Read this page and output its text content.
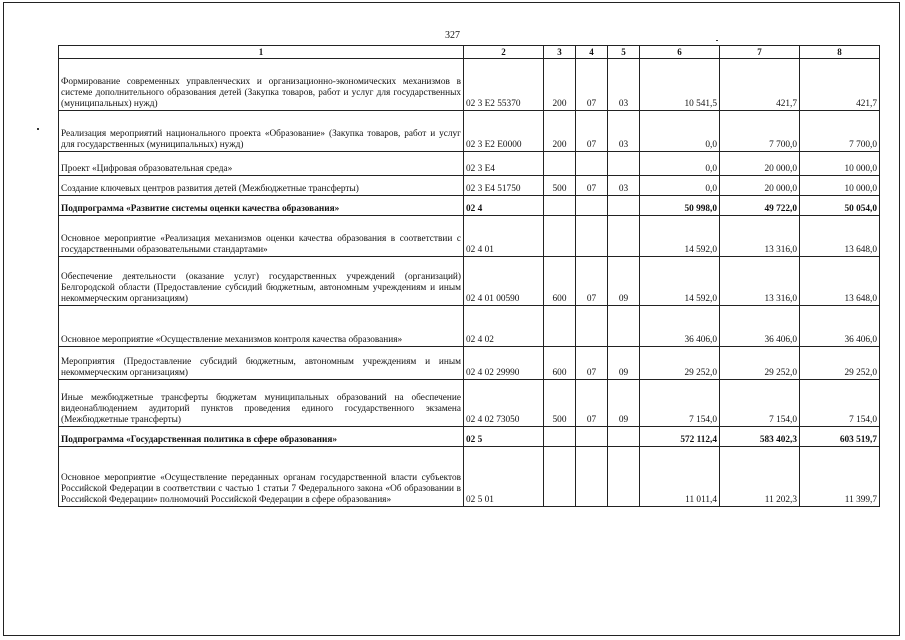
327
1	2	3	4	5	6	7	8
Формирование современных управленческих и организационно-экономических механизмов в системе дополнительного образования детей (Закупка товаров, работ и услуг для государственных (муниципальных) нужд)	02 3 E2 55370	200	07	03	10 541,5	421,7	421,7
Реализация мероприятий национального проекта «Образование» (Закупка товаров, работ и услуг для государственных (муниципальных) нужд)	02 3 E2 E0000	200	07	03	0,0	7 700,0	7 700,0
Проект «Цифровая образовательная среда»	02 3 E4				0,0	20 000,0	10 000,0
Создание ключевых центров развития детей (Межбюджетные трансферты)	02 3 E4 51750	500	07	03	0,0	20 000,0	10 000,0
Подпрограмма «Развитие системы оценки качества образования»	02 4				50 998,0	49 722,0	50 054,0
Основное мероприятие «Реализация механизмов оценки качества образования в соответствии с государственными образовательными стандартами»	02 4 01				14 592,0	13 316,0	13 648,0
Обеспечение деятельности (оказание услуг) государственных учреждений (организаций) Белгородской области (Предоставление субсидий бюджетным, автономным учреждениям и иным некоммерческим организациям)	02 4 01 00590	600	07	09	14 592,0	13 316,0	13 648,0
Основное мероприятие «Осуществление механизмов контроля качества образования»	02 4 02				36 406,0	36 406,0	36 406,0
Мероприятия (Предоставление субсидий бюджетным, автономным учреждениям и иным некоммерческим организациям)	02 4 02 29990	600	07	09	29 252,0	29 252,0	29 252,0
Иные межбюджетные трансферты бюджетам муниципальных образований на обеспечение видеонаблюдением аудиторий пунктов проведения единого государственного экзамена (Межбюджетные трансферты)	02 4 02 73050	500	07	09	7 154,0	7 154,0	7 154,0
Подпрограмма «Государственная политика в сфере образования»	02 5				572 112,4	583 402,3	603 519,7
Основное мероприятие «Осуществление переданных органам государственной власти субъектов Российской Федерации в соответствии с частью 1 статьи 7 Федерального закона «Об образовании в Российской Федерации» полномочий Российской Федерации в сфере образования»	02 5 01				11 011,4	11 202,3	11 399,7
